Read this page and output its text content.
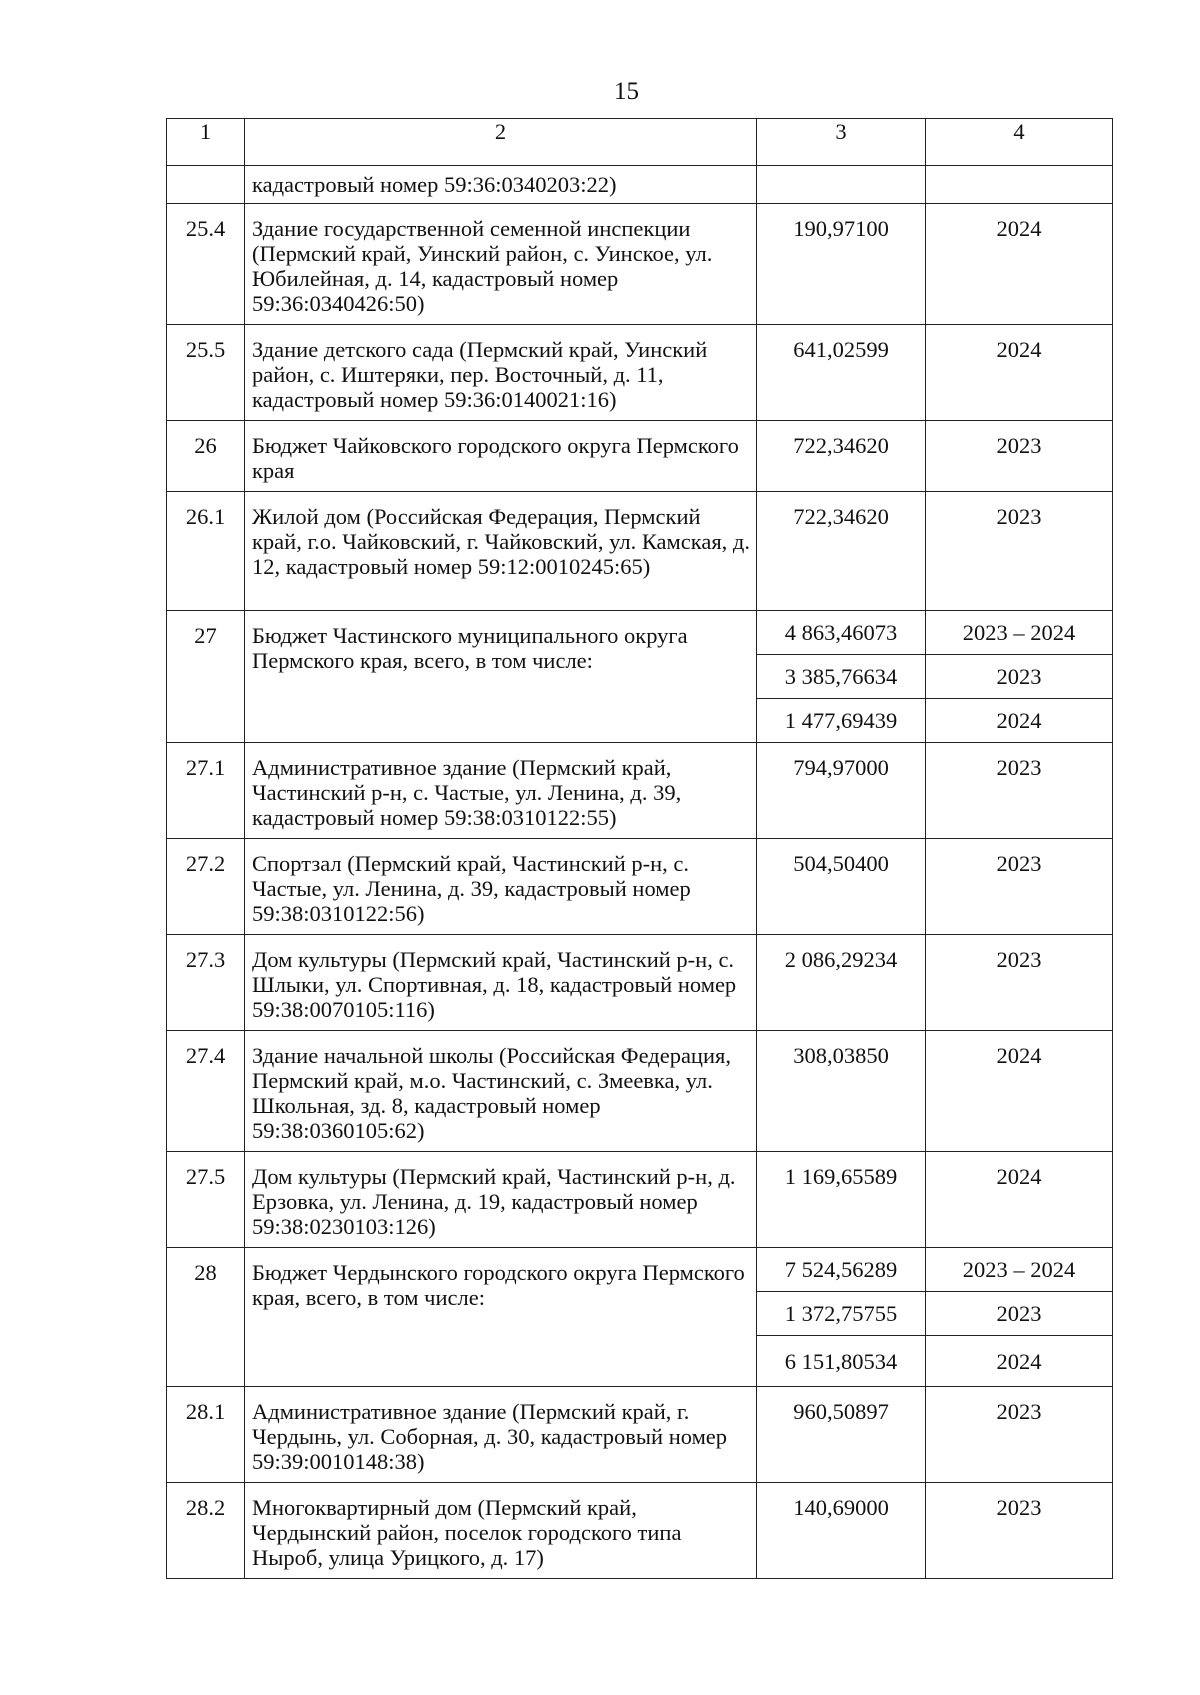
15
1	2	3	4
	кадастровый номер 59:36:0340203:22)		
25.4	Здание государственной семенной инспекции (Пермский край, Уинский район, с. Уинское, ул. Юбилейная, д. 14, кадастровый номер 59:36:0340426:50)	190,97100	2024
25.5	Здание детского сада (Пермский край, Уинский район, с. Иштеряки, пер. Восточный, д. 11, кадастровый номер 59:36:0140021:16)	641,02599	2024
26	Бюджет Чайковского городского округа Пермского края	722,34620	2023
26.1	Жилой дом (Российская Федерация, Пермский край, г.о. Чайковский, г. Чайковский, ул. Камская, д. 12, кадастровый номер 59:12:0010245:65)	722,34620	2023
27	Бюджет Частинского муниципального округа Пермского края, всего, в том числе:	4 863,46073	2023 – 2024
		3 385,76634	2023
		1 477,69439	2024
27.1	Административное здание (Пермский край, Частинский р-н, с. Частые, ул. Ленина, д. 39, кадастровый номер 59:38:0310122:55)	794,97000	2023
27.2	Спортзал (Пермский край, Частинский р-н, с. Частые, ул. Ленина, д. 39, кадастровый номер 59:38:0310122:56)	504,50400	2023
27.3	Дом культуры (Пермский край, Частинский р-н, с. Шлыки, ул. Спортивная, д. 18, кадастровый номер 59:38:0070105:116)	2 086,29234	2023
27.4	Здание начальной школы (Российская Федерация, Пермский край, м.о. Частинский, с. Змеевка, ул. Школьная, зд. 8, кадастровый номер 59:38:0360105:62)	308,03850	2024
27.5	Дом культуры (Пермский край, Частинский р-н, д. Ерзовка, ул. Ленина, д. 19, кадастровый номер 59:38:0230103:126)	1 169,65589	2024
28	Бюджет Чердынского городского округа Пермского края, всего, в том числе:	7 524,56289	2023 – 2024
		1 372,75755	2023
		6 151,80534	2024
28.1	Административное здание (Пермский край, г. Чердынь, ул. Соборная, д. 30, кадастровый номер 59:39:0010148:38)	960,50897	2023
28.2	Многоквартирный дом (Пермский край, Чердынский район, поселок городского типа Ныроб, улица Урицкого, д. 17)	140,69000	2023
